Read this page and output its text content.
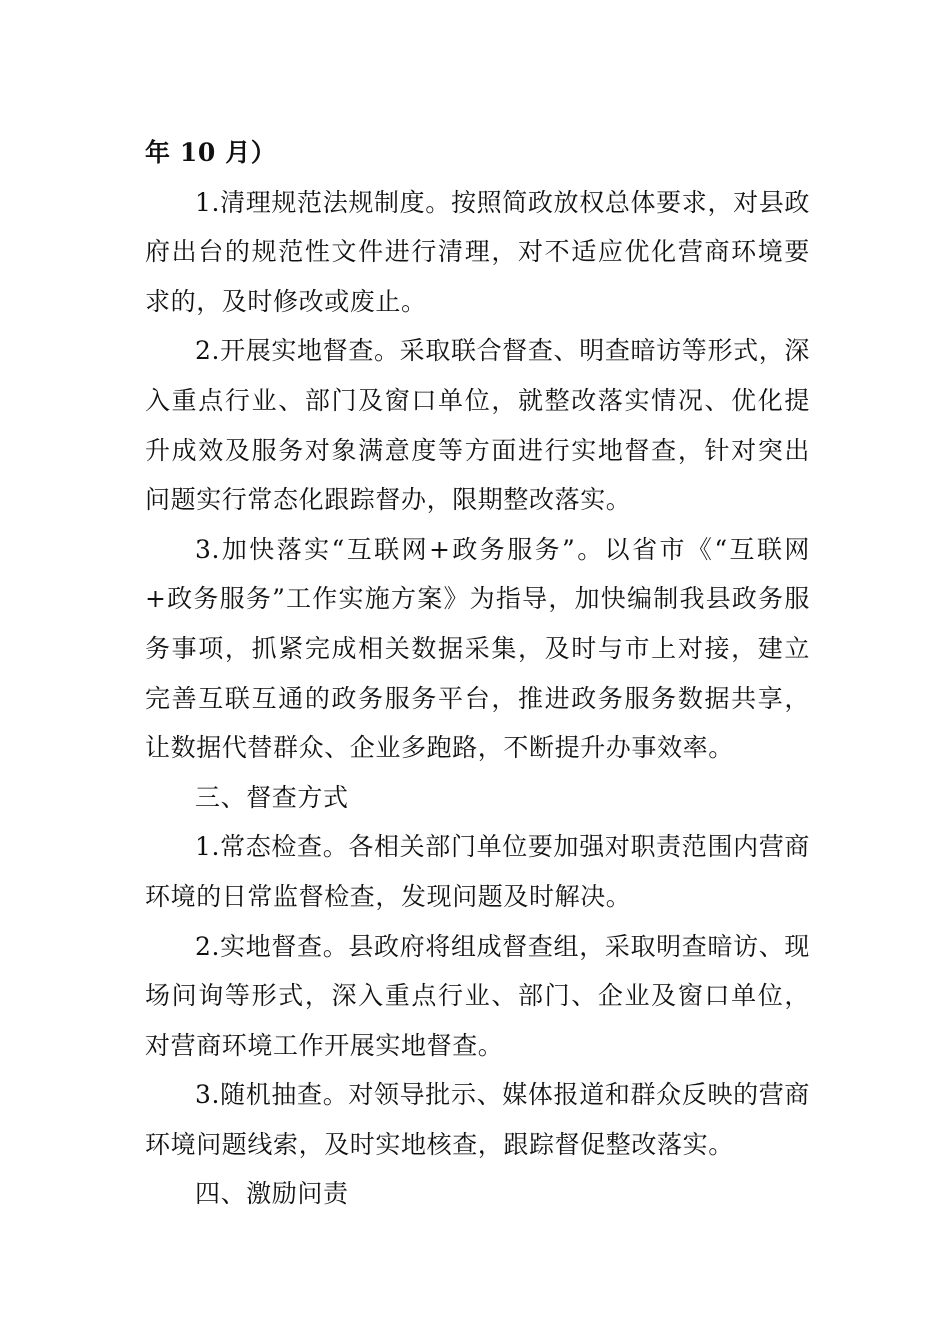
年 10 月）

1.清理规范法规制度。按照简政放权总体要求，对县政府出台的规范性文件进行清理，对不适应优化营商环境要求的，及时修改或废止。

2.开展实地督查。采取联合督查、明查暗访等形式，深入重点行业、部门及窗口单位，就整改落实情况、优化提升成效及服务对象满意度等方面进行实地督查，针对突出问题实行常态化跟踪督办，限期整改落实。

3.加快落实“互联网+政务服务”。以省市《“互联网+政务服务”工作实施方案》为指导，加快编制我县政务服务事项，抓紧完成相关数据采集，及时与市上对接，建立完善互联互通的政务服务平台，推进政务服务数据共享，让数据代替群众、企业多跑路，不断提升办事效率。

三、督查方式

1.常态检查。各相关部门单位要加强对职责范围内营商环境的日常监督检查，发现问题及时解决。

2.实地督查。县政府将组成督查组，采取明查暗访、现场问询等形式，深入重点行业、部门、企业及窗口单位，对营商环境工作开展实地督查。

3.随机抽查。对领导批示、媒体报道和群众反映的营商环境问题线索，及时实地核查，跟踪督促整改落实。

四、激励问责
